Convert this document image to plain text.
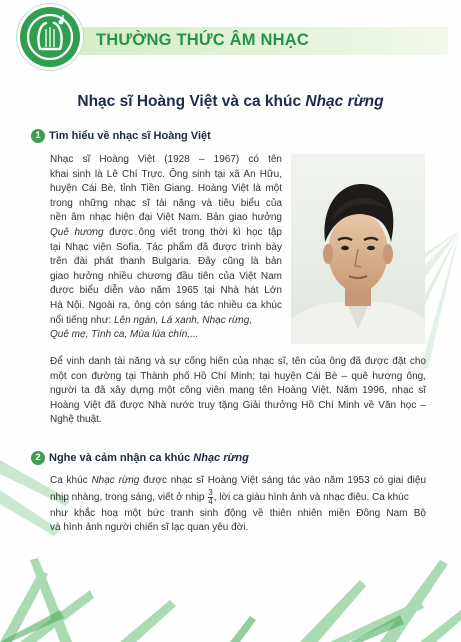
THƯỜNG THỨC ÂM NHẠC
Nhạc sĩ Hoàng Việt và ca khúc Nhạc rừng
1 Tìm hiểu về nhạc sĩ Hoàng Việt
Nhạc sĩ Hoàng Việt (1928 – 1967) có tên
khai sinh là Lê Chí Trực. Ông sinh tại xã An Hữu,
huyện Cái Bè, tỉnh Tiền Giang. Hoàng Việt là một
trong những nhạc sĩ tài năng và tiêu biểu của
nền âm nhạc hiện đại Việt Nam. Bản giao hưởng
Quê hương được ông viết trong thời kì học tập
tại Nhạc viện Sofia. Tác phẩm đã được trình bày
trên đài phát thanh Bulgaria. Đây cũng là bản
giao hưởng nhiều chương đầu tiên của Việt Nam
được biểu diễn vào năm 1965 tại Nhà hát Lớn
Hà Nội. Ngoài ra, ông còn sáng tác nhiều ca khúc
nổi tiếng như: Lên ngàn, Lá xanh, Nhạc rừng,
Quê mẹ, Tình ca, Mùa lúa chín,...
Để vinh danh tài năng và sự cống hiến của nhạc sĩ, tên của ông đã được đặt cho
một con đường tại Thành phố Hồ Chí Minh; tại huyện Cái Bè – quê hương ông,
người ta đã xây dựng một công viên mang tên Hoàng Việt. Năm 1996, nhạc sĩ
Hoàng Việt đã được Nhà nước truy tặng Giải thưởng Hồ Chí Minh về Văn học –
Nghệ thuật.
2 Nghe và cảm nhận ca khúc Nhạc rừng
Ca khúc Nhạc rừng được nhạc sĩ Hoàng Việt sáng tác vào năm 1953 có giai điệu
nhịp nhàng, trong sáng, viết ở nhịp $\frac{3}{4}$ , lời ca giàu hình ảnh và nhạc điệu. Ca khúc
như khắc hoạ một bức tranh sinh động về thiên nhiên miền Đông Nam Bộ
và hình ảnh người chiến sĩ lạc quan yêu đời.
